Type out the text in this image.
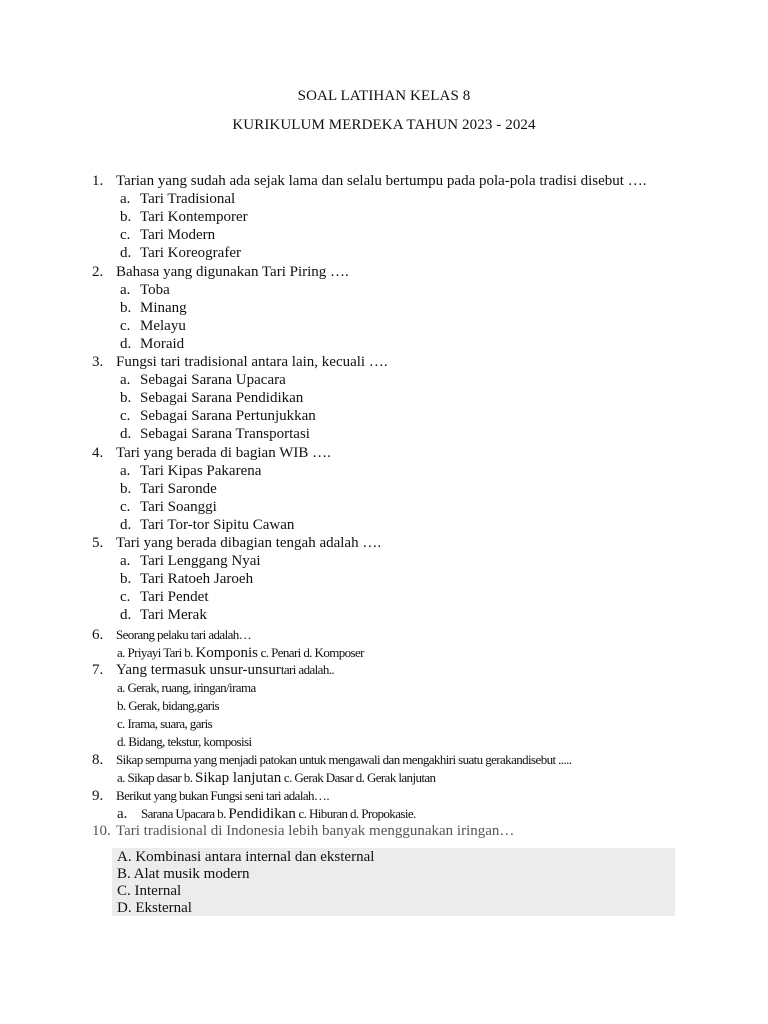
SOAL LATIHAN KELAS 8
KURIKULUM MERDEKA TAHUN 2023 - 2024
1. Tarian yang sudah ada sejak lama dan selalu bertumpu pada pola-pola tradisi disebut ….
a. Tari Tradisional
b. Tari Kontemporer
c. Tari Modern
d. Tari Koreografer
2. Bahasa yang digunakan Tari Piring ….
a. Toba
b. Minang
c. Melayu
d. Moraid
3. Fungsi tari tradisional antara lain, kecuali ….
a. Sebagai Sarana Upacara
b. Sebagai Sarana Pendidikan
c. Sebagai Sarana Pertunjukkan
d. Sebagai Sarana Transportasi
4. Tari yang berada di bagian WIB ….
a. Tari Kipas Pakarena
b. Tari Saronde
c. Tari Soanggi
d. Tari Tor-tor Sipitu Cawan
5. Tari yang berada dibagian tengah adalah ….
a. Tari Lenggang Nyai
b. Tari Ratoeh Jaroeh
c. Tari Pendet
d. Tari Merak
6. Seorang pelaku tari adalah…
a. Priyayi Tari b. Komponis c. Penari d. Komposer
7. Yang termasuk unsur-unsurtari adalah..
a. Gerak, ruang, iringan/irama
b. Gerak, bidang,garis
c. Irama, suara, garis
d. Bidang, tekstur, komposisi
8. Sikap sempurna yang menjadi patokan untuk mengawali dan mengakhiri suatu gerakandisebut .....
a. Sikap dasar b. Sikap lanjutan c. Gerak Dasar d. Gerak lanjutan
9. Berikut yang bukan Fungsi seni tari adalah….
a. Sarana Upacara b. Pendidikan c. Hiburan d. Propokasie.
10. Tari tradisional di Indonesia lebih banyak menggunakan iringan…
A. Kombinasi antara internal dan eksternal
B. Alat musik modern
C. Internal
D. Eksternal
